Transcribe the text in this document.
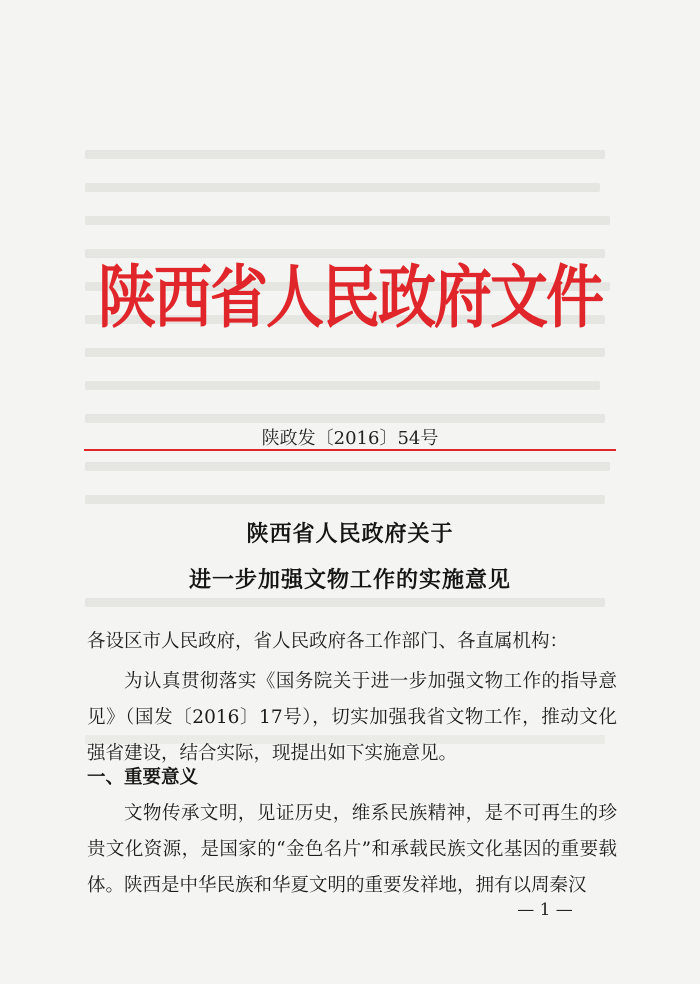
陕西省人民政府文件
陕政发〔2016〕54号
陕西省人民政府关于
进一步加强文物工作的实施意见
各设区市人民政府，省人民政府各工作部门、各直属机构：
为认真贯彻落实《国务院关于进一步加强文物工作的指导意见》（国发〔2016〕17号），切实加强我省文物工作，推动文化强省建设，结合实际，现提出如下实施意见。
一、重要意义
文物传承文明，见证历史，维系民族精神，是不可再生的珍贵文化资源，是国家的“金色名片”和承载民族文化基因的重要载体。陕西是中华民族和华夏文明的重要发祥地，拥有以周秦汉
— 1 —
